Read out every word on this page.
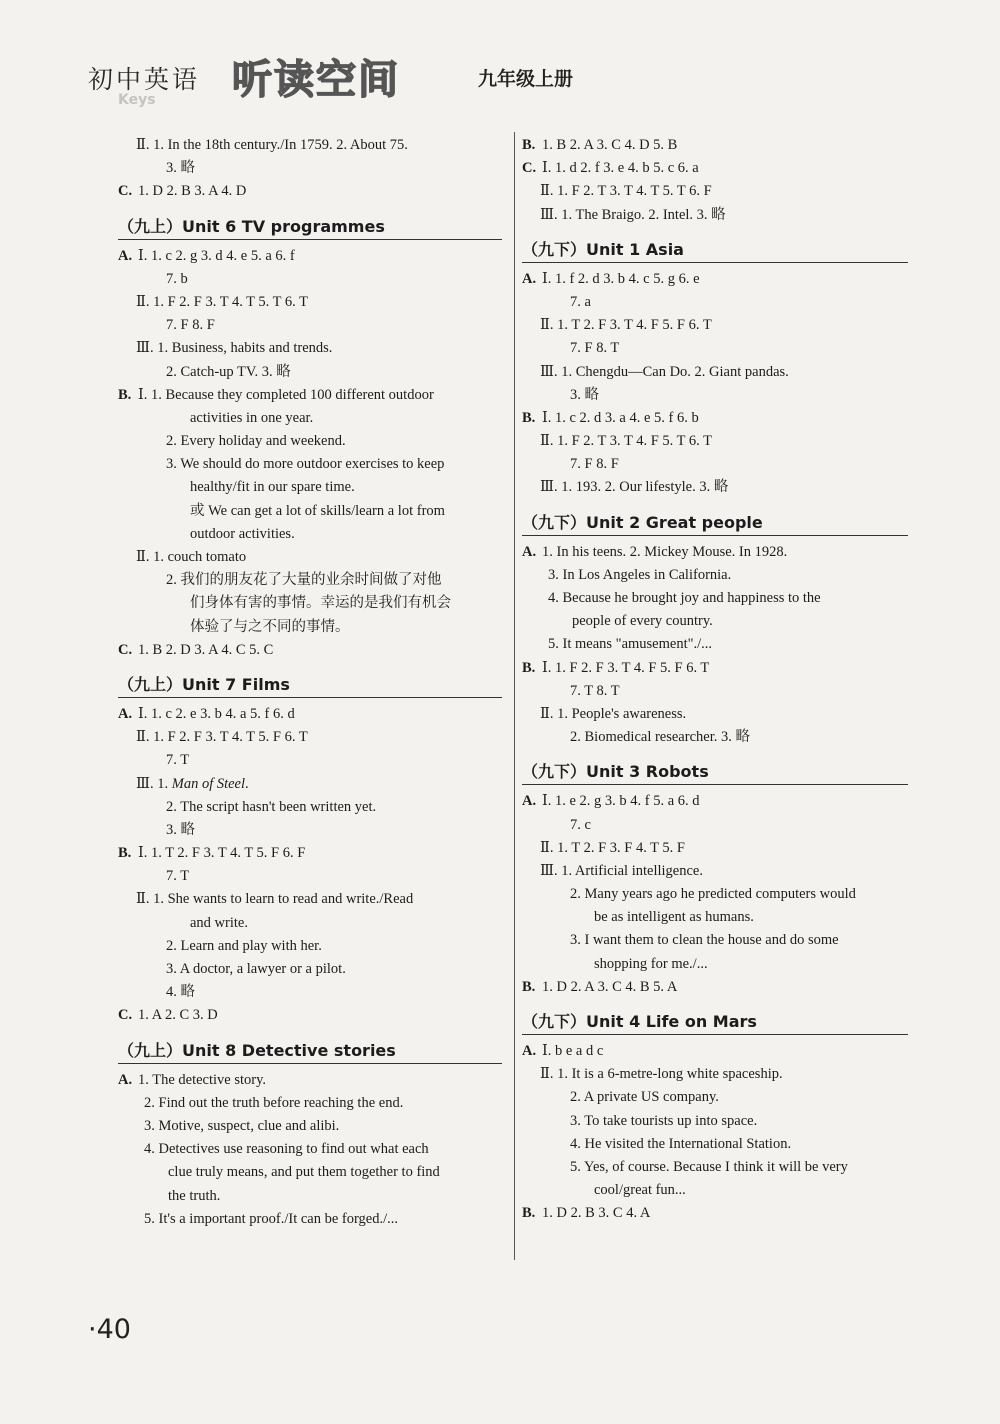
初中英语 听读空间
Keys
九年级上册
Ⅱ. 1. In the 18th century./In 1759. 2. About 75.
3. 略
C. 1. D 2. B 3. A 4. D
（九上）Unit 6 TV programmes
A. Ⅰ. 1. c 2. g 3. d 4. e 5. a 6. f
7. b
Ⅱ. 1. F 2. F 3. T 4. T 5. T 6. T
7. F 8. F
Ⅲ. 1. Business, habits and trends.
2. Catch-up TV. 3. 略
B. Ⅰ. 1. Because they completed 100 different outdoor
activities in one year.
2. Every holiday and weekend.
3. We should do more outdoor exercises to keep
healthy/fit in our spare time.
或 We can get a lot of skills/learn a lot from
outdoor activities.
Ⅱ. 1. couch tomato
2. 我们的朋友花了大量的业余时间做了对他
们身体有害的事情。幸运的是我们有机会
体验了与之不同的事情。
C. 1. B 2. D 3. A 4. C 5. C
（九上）Unit 7 Films
A. Ⅰ. 1. c 2. e 3. b 4. a 5. f 6. d
Ⅱ. 1. F 2. F 3. T 4. T 5. F 6. T
7. T
Ⅲ. 1. Man of Steel.
2. The script hasn't been written yet.
3. 略
B. Ⅰ. 1. T 2. F 3. T 4. T 5. F 6. F
7. T
Ⅱ. 1. She wants to learn to read and write./Read
and write.
2. Learn and play with her.
3. A doctor, a lawyer or a pilot.
4. 略
C. 1. A 2. C 3. D
（九上）Unit 8 Detective stories
A. 1. The detective story.
2. Find out the truth before reaching the end.
3. Motive, suspect, clue and alibi.
4. Detectives use reasoning to find out what each
clue truly means, and put them together to find
the truth.
5. It's a important proof./It can be forged./...
B. 1. B 2. A 3. C 4. D 5. B
C. Ⅰ. 1. d 2. f 3. e 4. b 5. c 6. a
Ⅱ. 1. F 2. T 3. T 4. T 5. T 6. F
Ⅲ. 1. The Braigo. 2. Intel. 3. 略
（九下）Unit 1 Asia
A. Ⅰ. 1. f 2. d 3. b 4. c 5. g 6. e
7. a
Ⅱ. 1. T 2. F 3. T 4. F 5. F 6. T
7. F 8. T
Ⅲ. 1. Chengdu—Can Do. 2. Giant pandas.
3. 略
B. Ⅰ. 1. c 2. d 3. a 4. e 5. f 6. b
Ⅱ. 1. F 2. T 3. T 4. F 5. T 6. T
7. F 8. F
Ⅲ. 1. 193. 2. Our lifestyle. 3. 略
（九下）Unit 2 Great people
A. 1. In his teens. 2. Mickey Mouse. In 1928.
3. In Los Angeles in California.
4. Because he brought joy and happiness to the
people of every country.
5. It means "amusement"./...
B. Ⅰ. 1. F 2. F 3. T 4. F 5. F 6. T
7. T 8. T
Ⅱ. 1. People's awareness.
2. Biomedical researcher. 3. 略
（九下）Unit 3 Robots
A. Ⅰ. 1. e 2. g 3. b 4. f 5. a 6. d
7. c
Ⅱ. 1. T 2. F 3. F 4. T 5. F
Ⅲ. 1. Artificial intelligence.
2. Many years ago he predicted computers would
be as intelligent as humans.
3. I want them to clean the house and do some
shopping for me./...
B. 1. D 2. A 3. C 4. B 5. A
（九下）Unit 4 Life on Mars
A. Ⅰ. b e a d c
Ⅱ. 1. It is a 6-metre-long white spaceship.
2. A private US company.
3. To take tourists up into space.
4. He visited the International Station.
5. Yes, of course. Because I think it will be very
cool/great fun...
B. 1. D 2. B 3. C 4. A
·40
